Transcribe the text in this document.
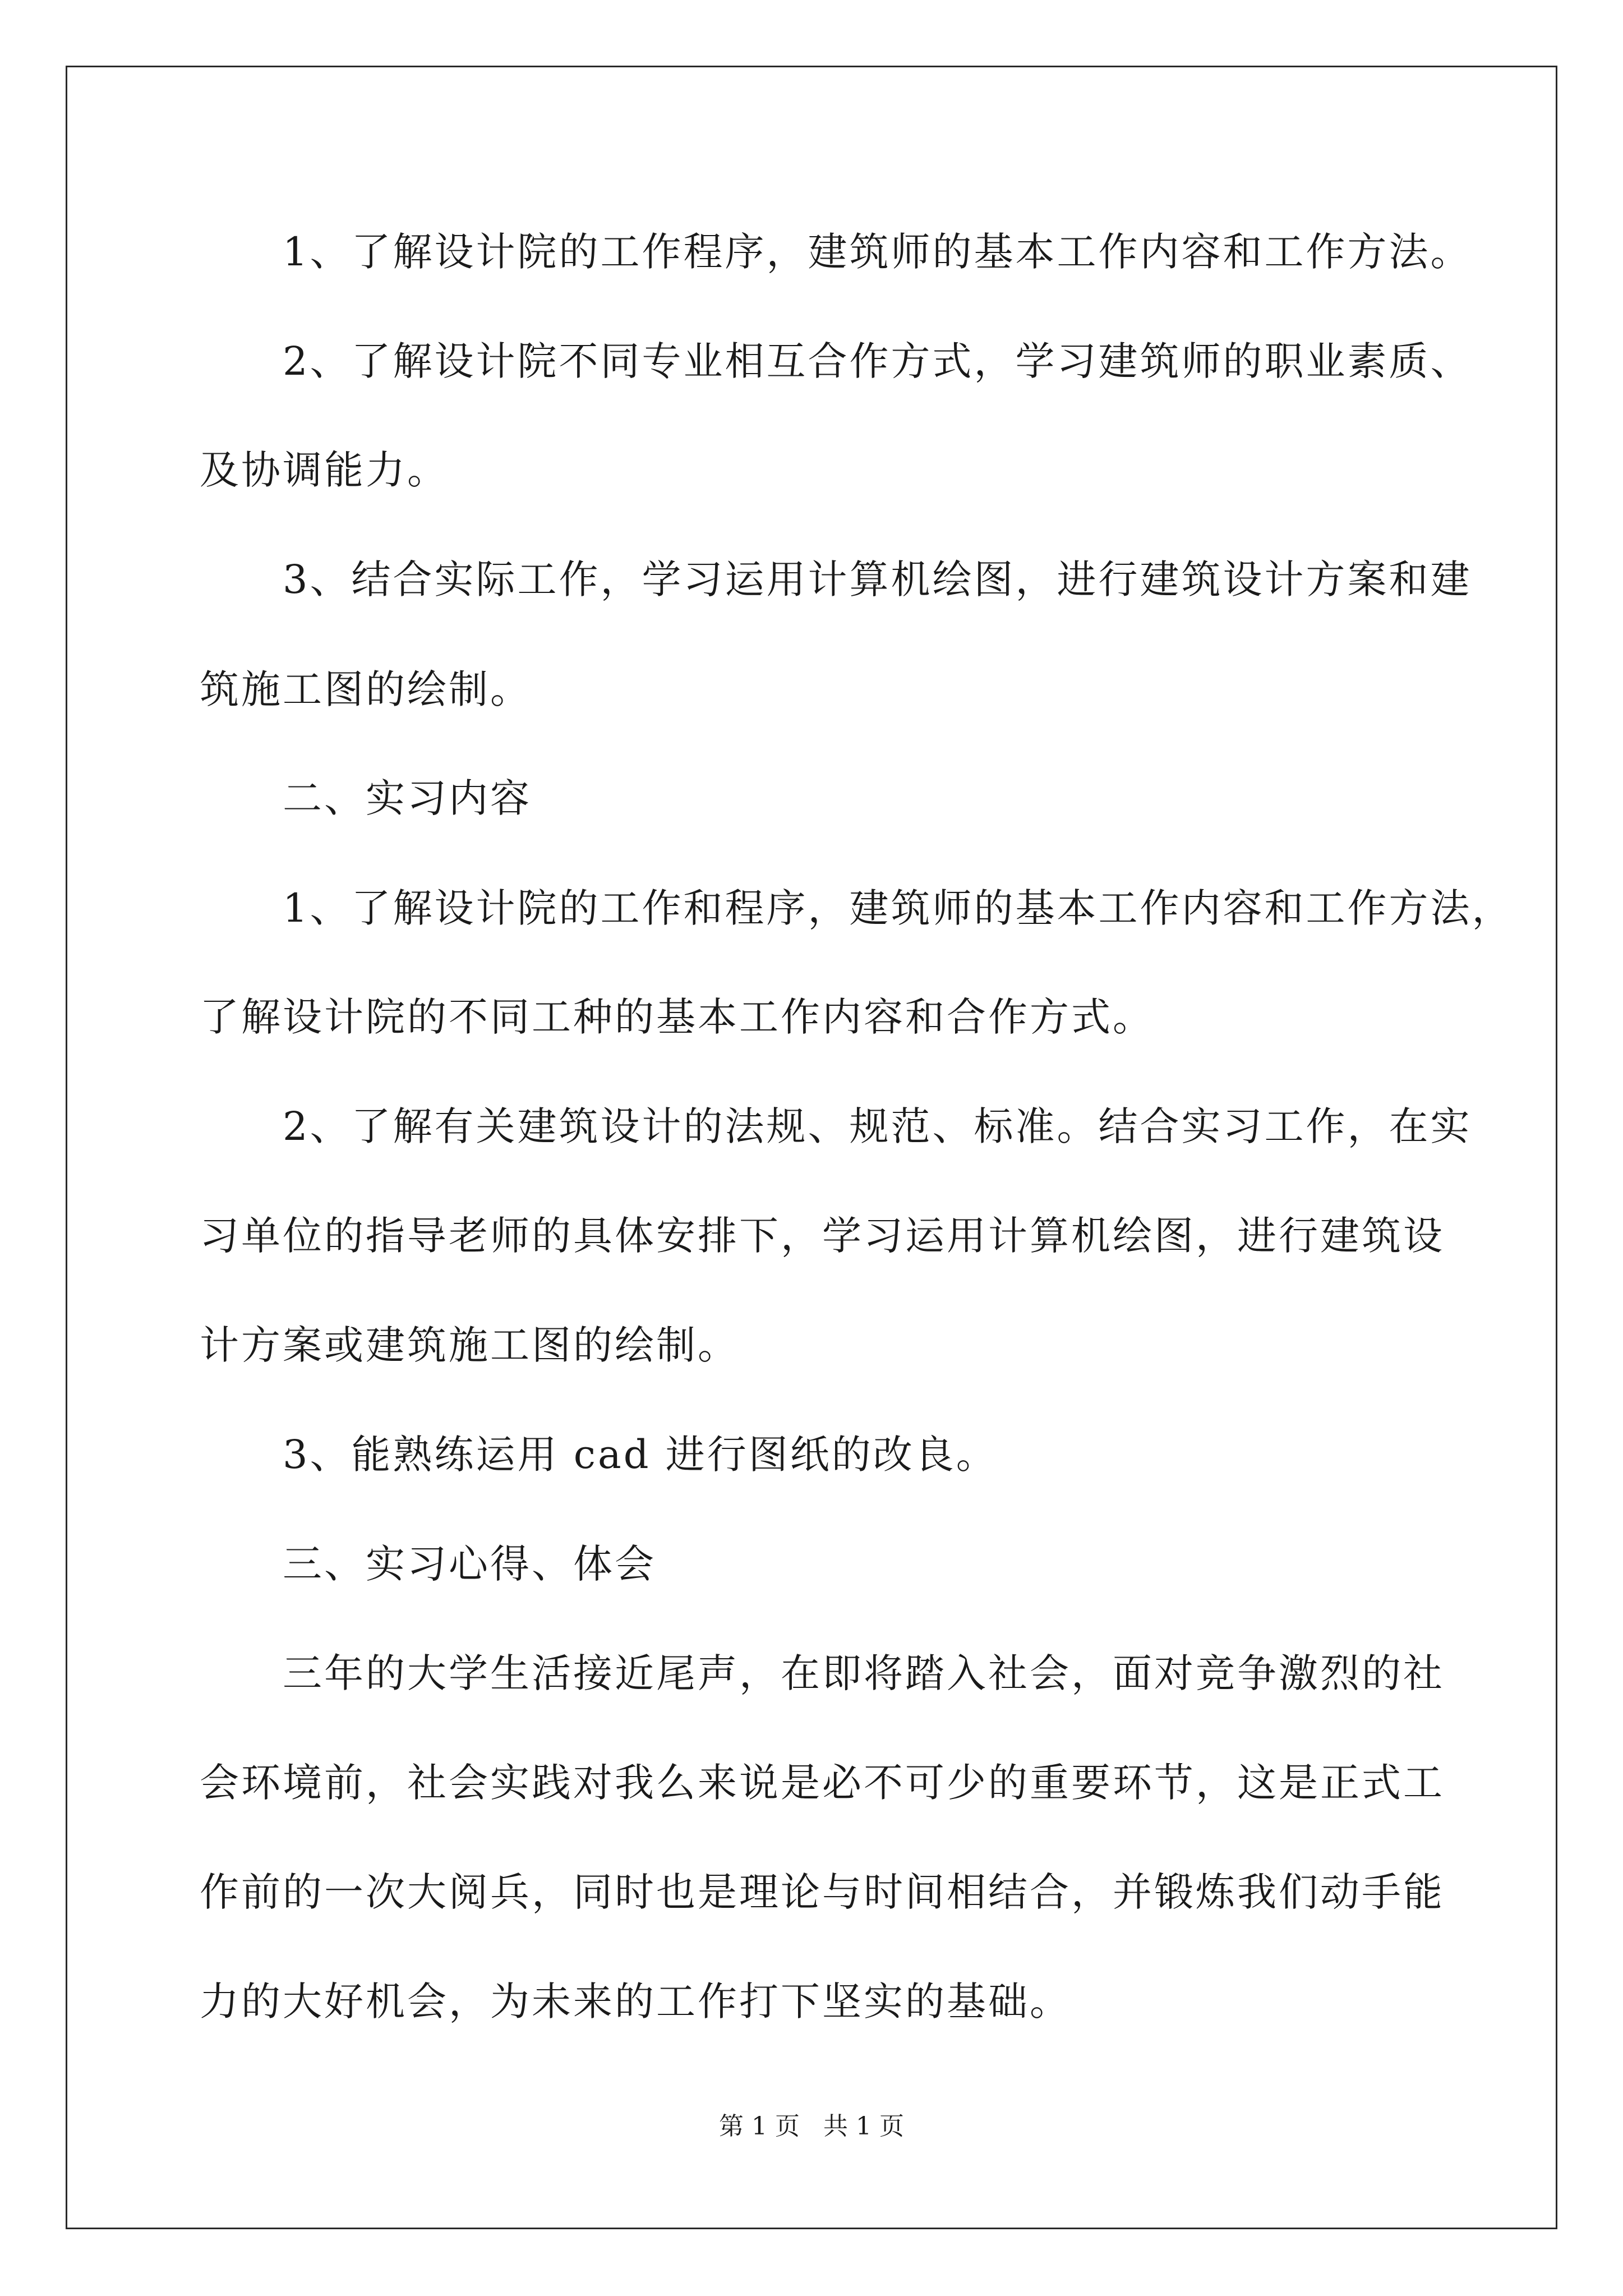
1、了解设计院的工作程序，建筑师的基本工作内容和工作方法。
2、了解设计院不同专业相互合作方式，学习建筑师的职业素质、
及协调能力。
3、结合实际工作，学习运用计算机绘图，进行建筑设计方案和建
筑施工图的绘制。
二、实习内容
1、了解设计院的工作和程序，建筑师的基本工作内容和工作方法，
了解设计院的不同工种的基本工作内容和合作方式。
2、了解有关建筑设计的法规、规范、标准。结合实习工作，在实
习单位的指导老师的具体安排下，学习运用计算机绘图，进行建筑设
计方案或建筑施工图的绘制。
3、能熟练运用 cad 进行图纸的改良。
三、实习心得、体会
三年的大学生活接近尾声，在即将踏入社会，面对竞争激烈的社
会环境前，社会实践对我么来说是必不可少的重要环节，这是正式工
作前的一次大阅兵，同时也是理论与时间相结合，并锻炼我们动手能
力的大好机会，为未来的工作打下坚实的基础。
第 1 页   共 1 页
